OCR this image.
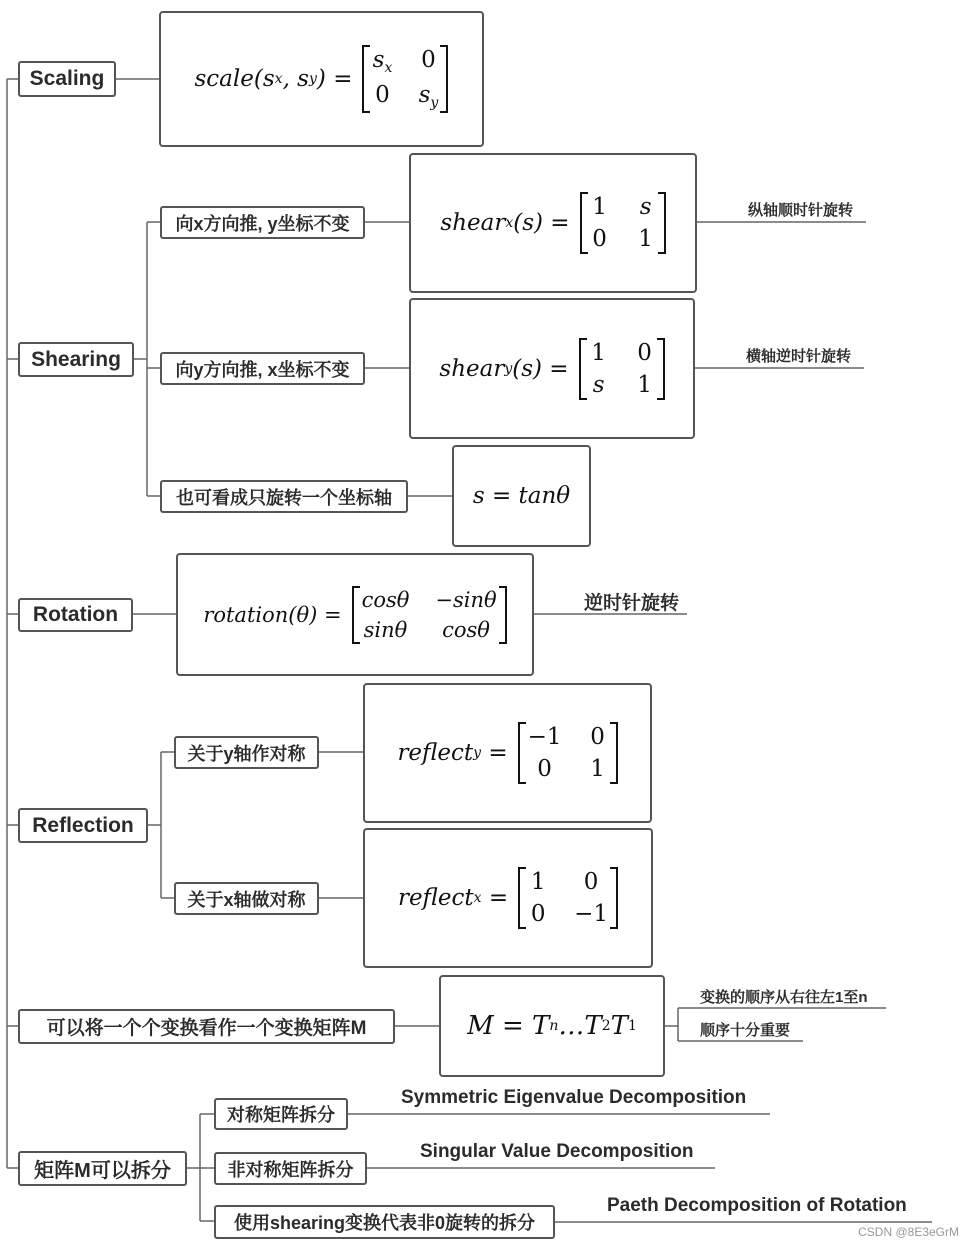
Scaling	scale (s x , s y ) =
$s_x$ 0
0 $s_y$
Shearing
向x方向推, y坐标不变	shear x (s) =
1 s
0 1
纵轴顺时针旋转
向y方向推, x坐标不变	shear y (s) =
1 0
s 1
横轴逆时针旋转
也可看成只旋转一个坐标轴	s = tanθ
Rotation	rotation(θ) =
cosθ −sinθ
sinθ	cosθ
逆时针旋转
Reflection
关于y轴作对称	reflect y
=
−1 0
0	1
关于x轴做对称	reflect x
=
1	0
0 −1
可以将一个个变换看作一个变换矩阵M	M = T n …T 2 T 1
变换的顺序从右往左1至n
顺序十分重要
矩阵M可以拆分
对称矩阵拆分
Symmetric Eigenvalue Decomposition
非对称矩阵拆分
Singular Value Decomposition
使用shearing变换代表非0旋转的拆分
Paeth Decomposition of Rotation
CSDN @8E3eGrM
